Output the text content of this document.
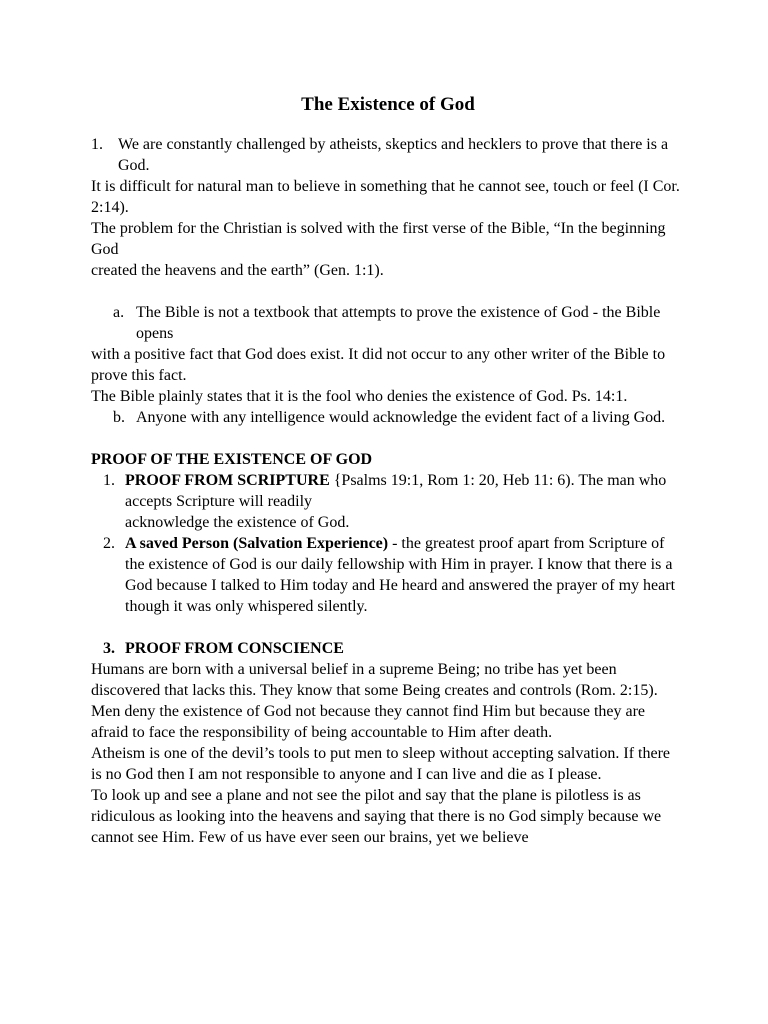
The Existence of God
1. We are constantly challenged by atheists, skeptics and hecklers to prove that there is a God.

It is difficult for natural man to believe in something that he cannot see, touch or feel (I Cor. 2:14).

The problem for the Christian is solved with the first verse of the Bible, “In the beginning God
created the heavens and the earth” (Gen. 1:1).

a. The Bible is not a textbook that attempts to prove the existence of God - the Bible opens

with a positive fact that God does exist. It did not occur to any other writer of the Bible to prove this fact.

The Bible plainly states that it is the fool who denies the existence of God. Ps. 14:1.

b. Anyone with any intelligence would acknowledge the evident fact of a living God.

PROOF OF THE EXISTENCE OF GOD

1. PROOF FROM SCRIPTURE {Psalms 19:1, Rom 1: 20, Heb 11: 6). The man who accepts Scripture will readily
acknowledge the existence of God.
2. A saved Person (Salvation Experience) - the greatest proof apart from Scripture of the existence of God is our daily fellowship with Him in prayer. I know that there is a God because I talked to Him today and He heard and answered the prayer of my heart though it was only whispered silently.
3. PROOF FROM CONSCIENCE

Humans are born with a universal belief in a supreme Being; no tribe has yet been discovered that lacks this. They know that some Being creates and controls (Rom. 2:15). Men deny the existence of God not because they cannot find Him but because they are afraid to face the responsibility of being accountable to Him after death.

Atheism is one of the devil’s tools to put men to sleep without accepting salvation. If there is no God then I am not responsible to anyone and I can live and die as I please.

To look up and see a plane and not see the pilot and say that the plane is pilotless is as ridiculous as looking into the heavens and saying that there is no God simply because we cannot see Him. Few of us have ever seen our brains, yet we believe
